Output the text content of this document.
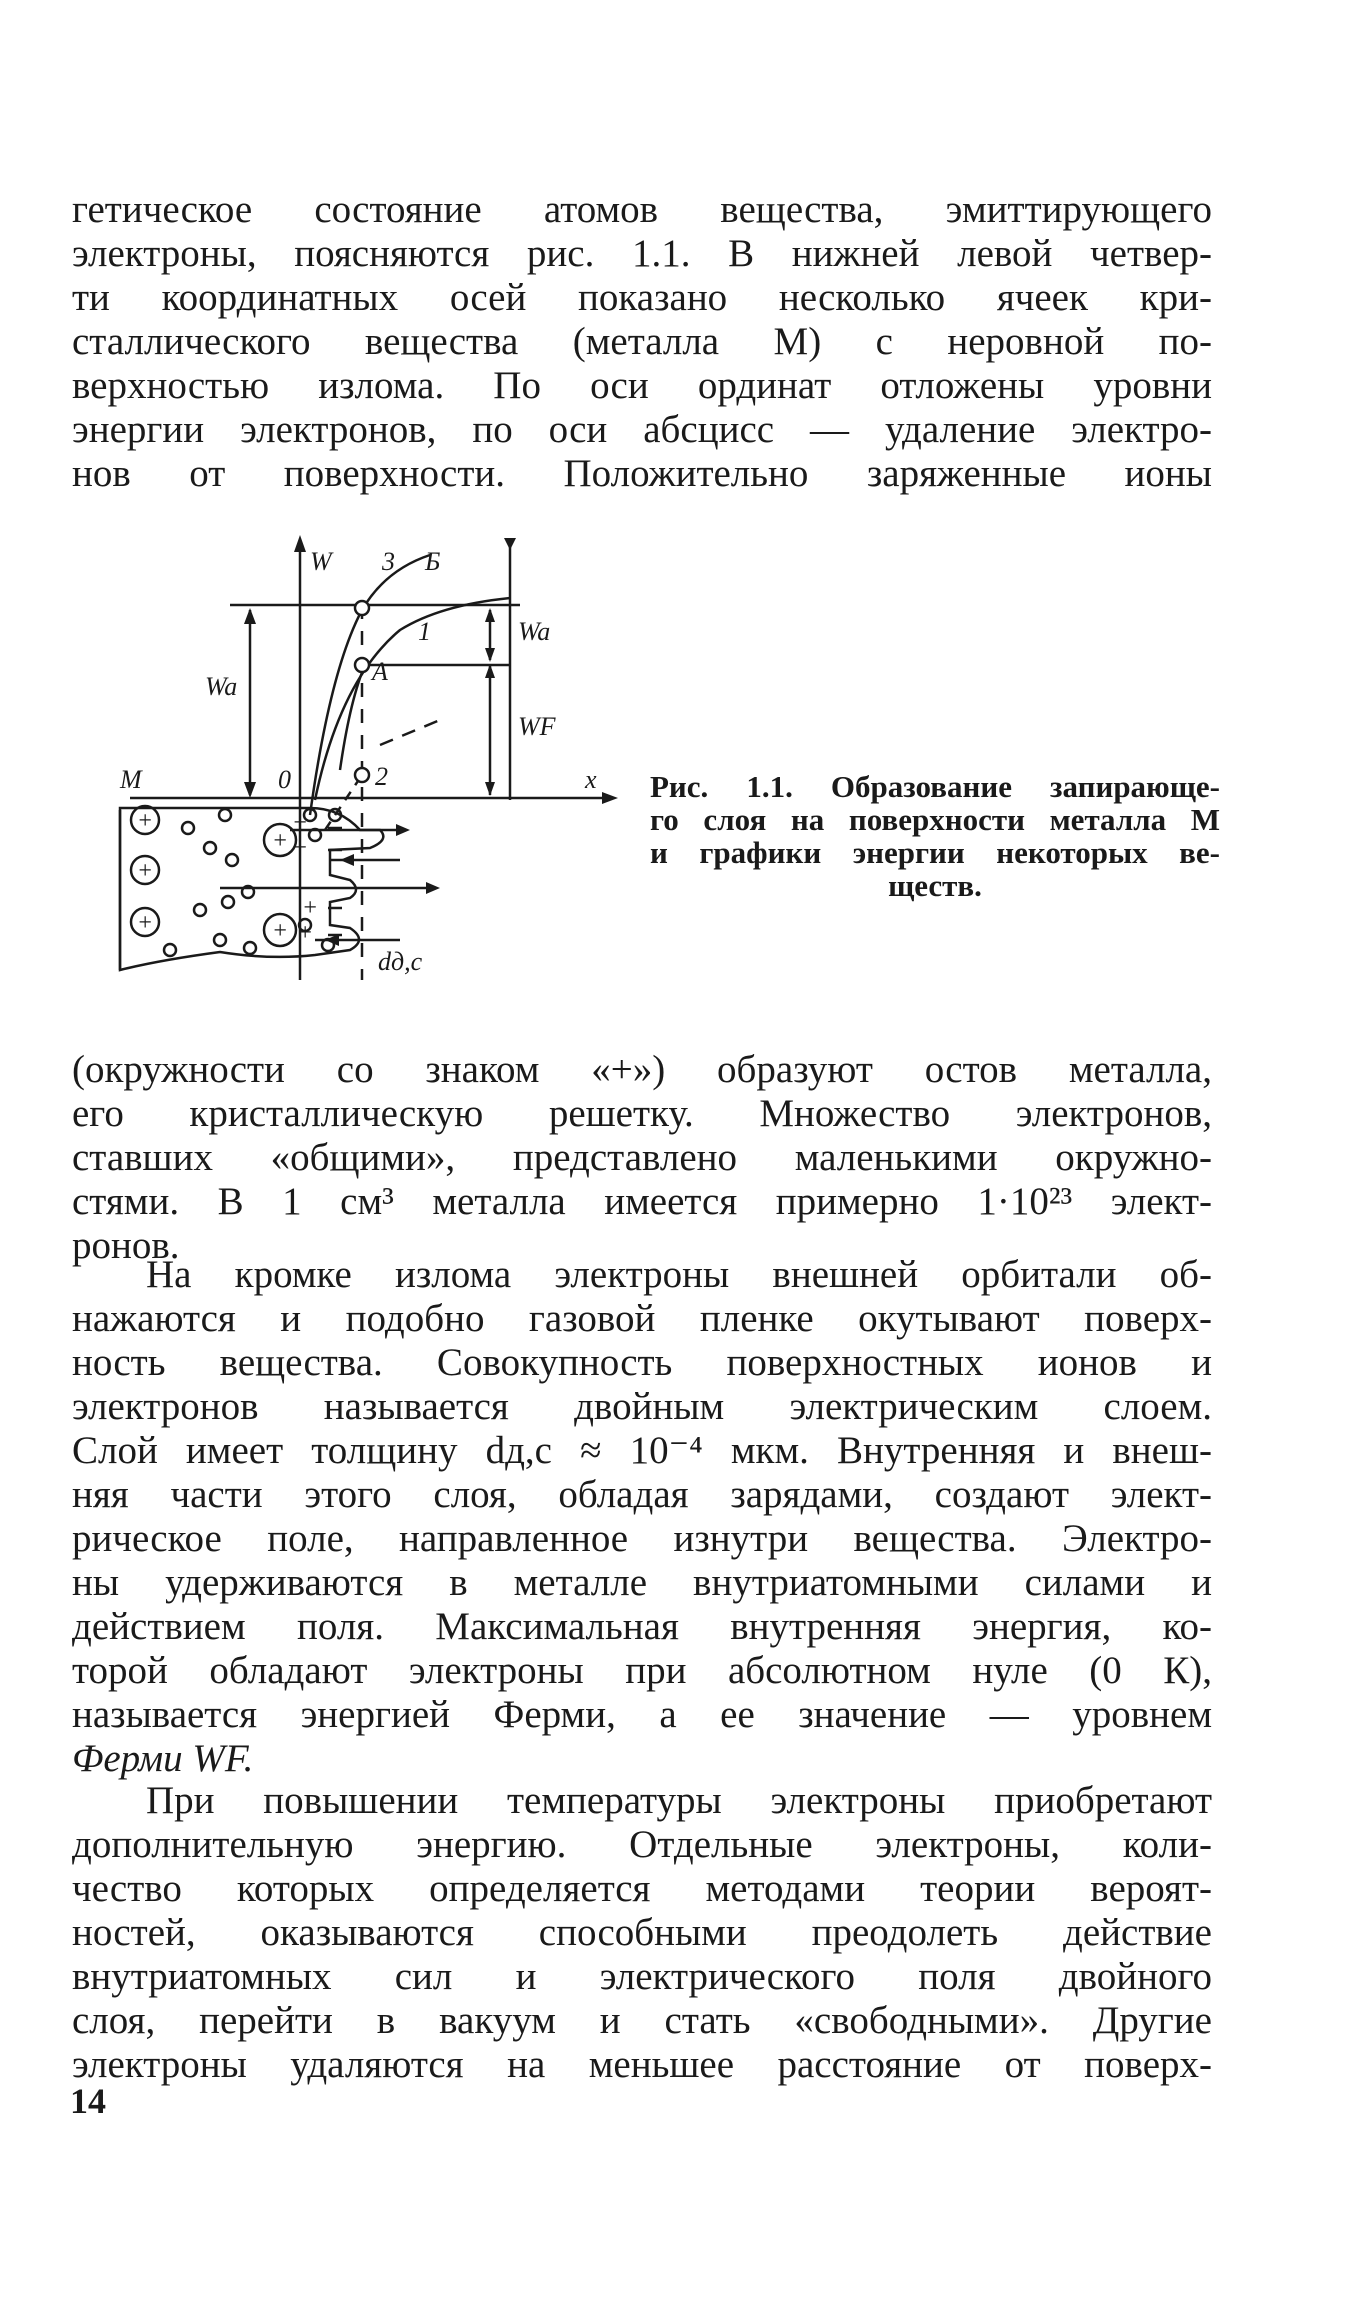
гетическое состояние атомов вещества, эмиттирующего
электроны, поясняются рис. 1.1. В нижней левой четвер-
ти координатных осей показано несколько ячеек кри-
сталлического вещества (металла М) с неровной по-
верхностью излома. По оси ординат отложены уровни
энергии электронов, по оси абсцисс — удаление электро-
нов от поверхности. Положительно заряженные ионы
W 3 Б
1
А
2
Wa
Wa
WF
M	0	x
dд,с
+
+
+
+	+
+
+
+
+
Рис. 1.1. Образование запирающе-
го слоя на поверхности металла М
и графики энергии некоторых ве-
ществ.
(окружности со знаком «+») образуют остов металла,
его кристаллическую решетку. Множество электронов,
ставших «общими», представлено маленькими окружно-
стями. В 1 см³ металла имеется примерно 1·10²³ элект-
ронов.
На кромке излома электроны внешней орбитали об-
нажаются и подобно газовой пленке окутывают поверх-
ность вещества. Совокупность поверхностных ионов и
электронов называется двойным электрическим слоем.
Слой имеет толщину dд,с ≈ 10⁻⁴ мкм. Внутренняя и внеш-
няя части этого слоя, обладая зарядами, создают элект-
рическое поле, направленное изнутри вещества. Электро-
ны удерживаются в металле внутриатомными силами и
действием поля. Максимальная внутренняя энергия, ко-
торой обладают электроны при абсолютном нуле (0 К),
называется энергией Ферми, а ее значение — уровнем
Ферми WF.
При повышении температуры электроны приобретают
дополнительную энергию. Отдельные электроны, коли-
чество которых определяется методами теории вероят-
ностей, оказываются способными преодолеть действие
внутриатомных сил и электрического поля двойного
слоя, перейти в вакуум и стать «свободными». Другие
электроны удаляются на меньшее расстояние от поверх-
14
